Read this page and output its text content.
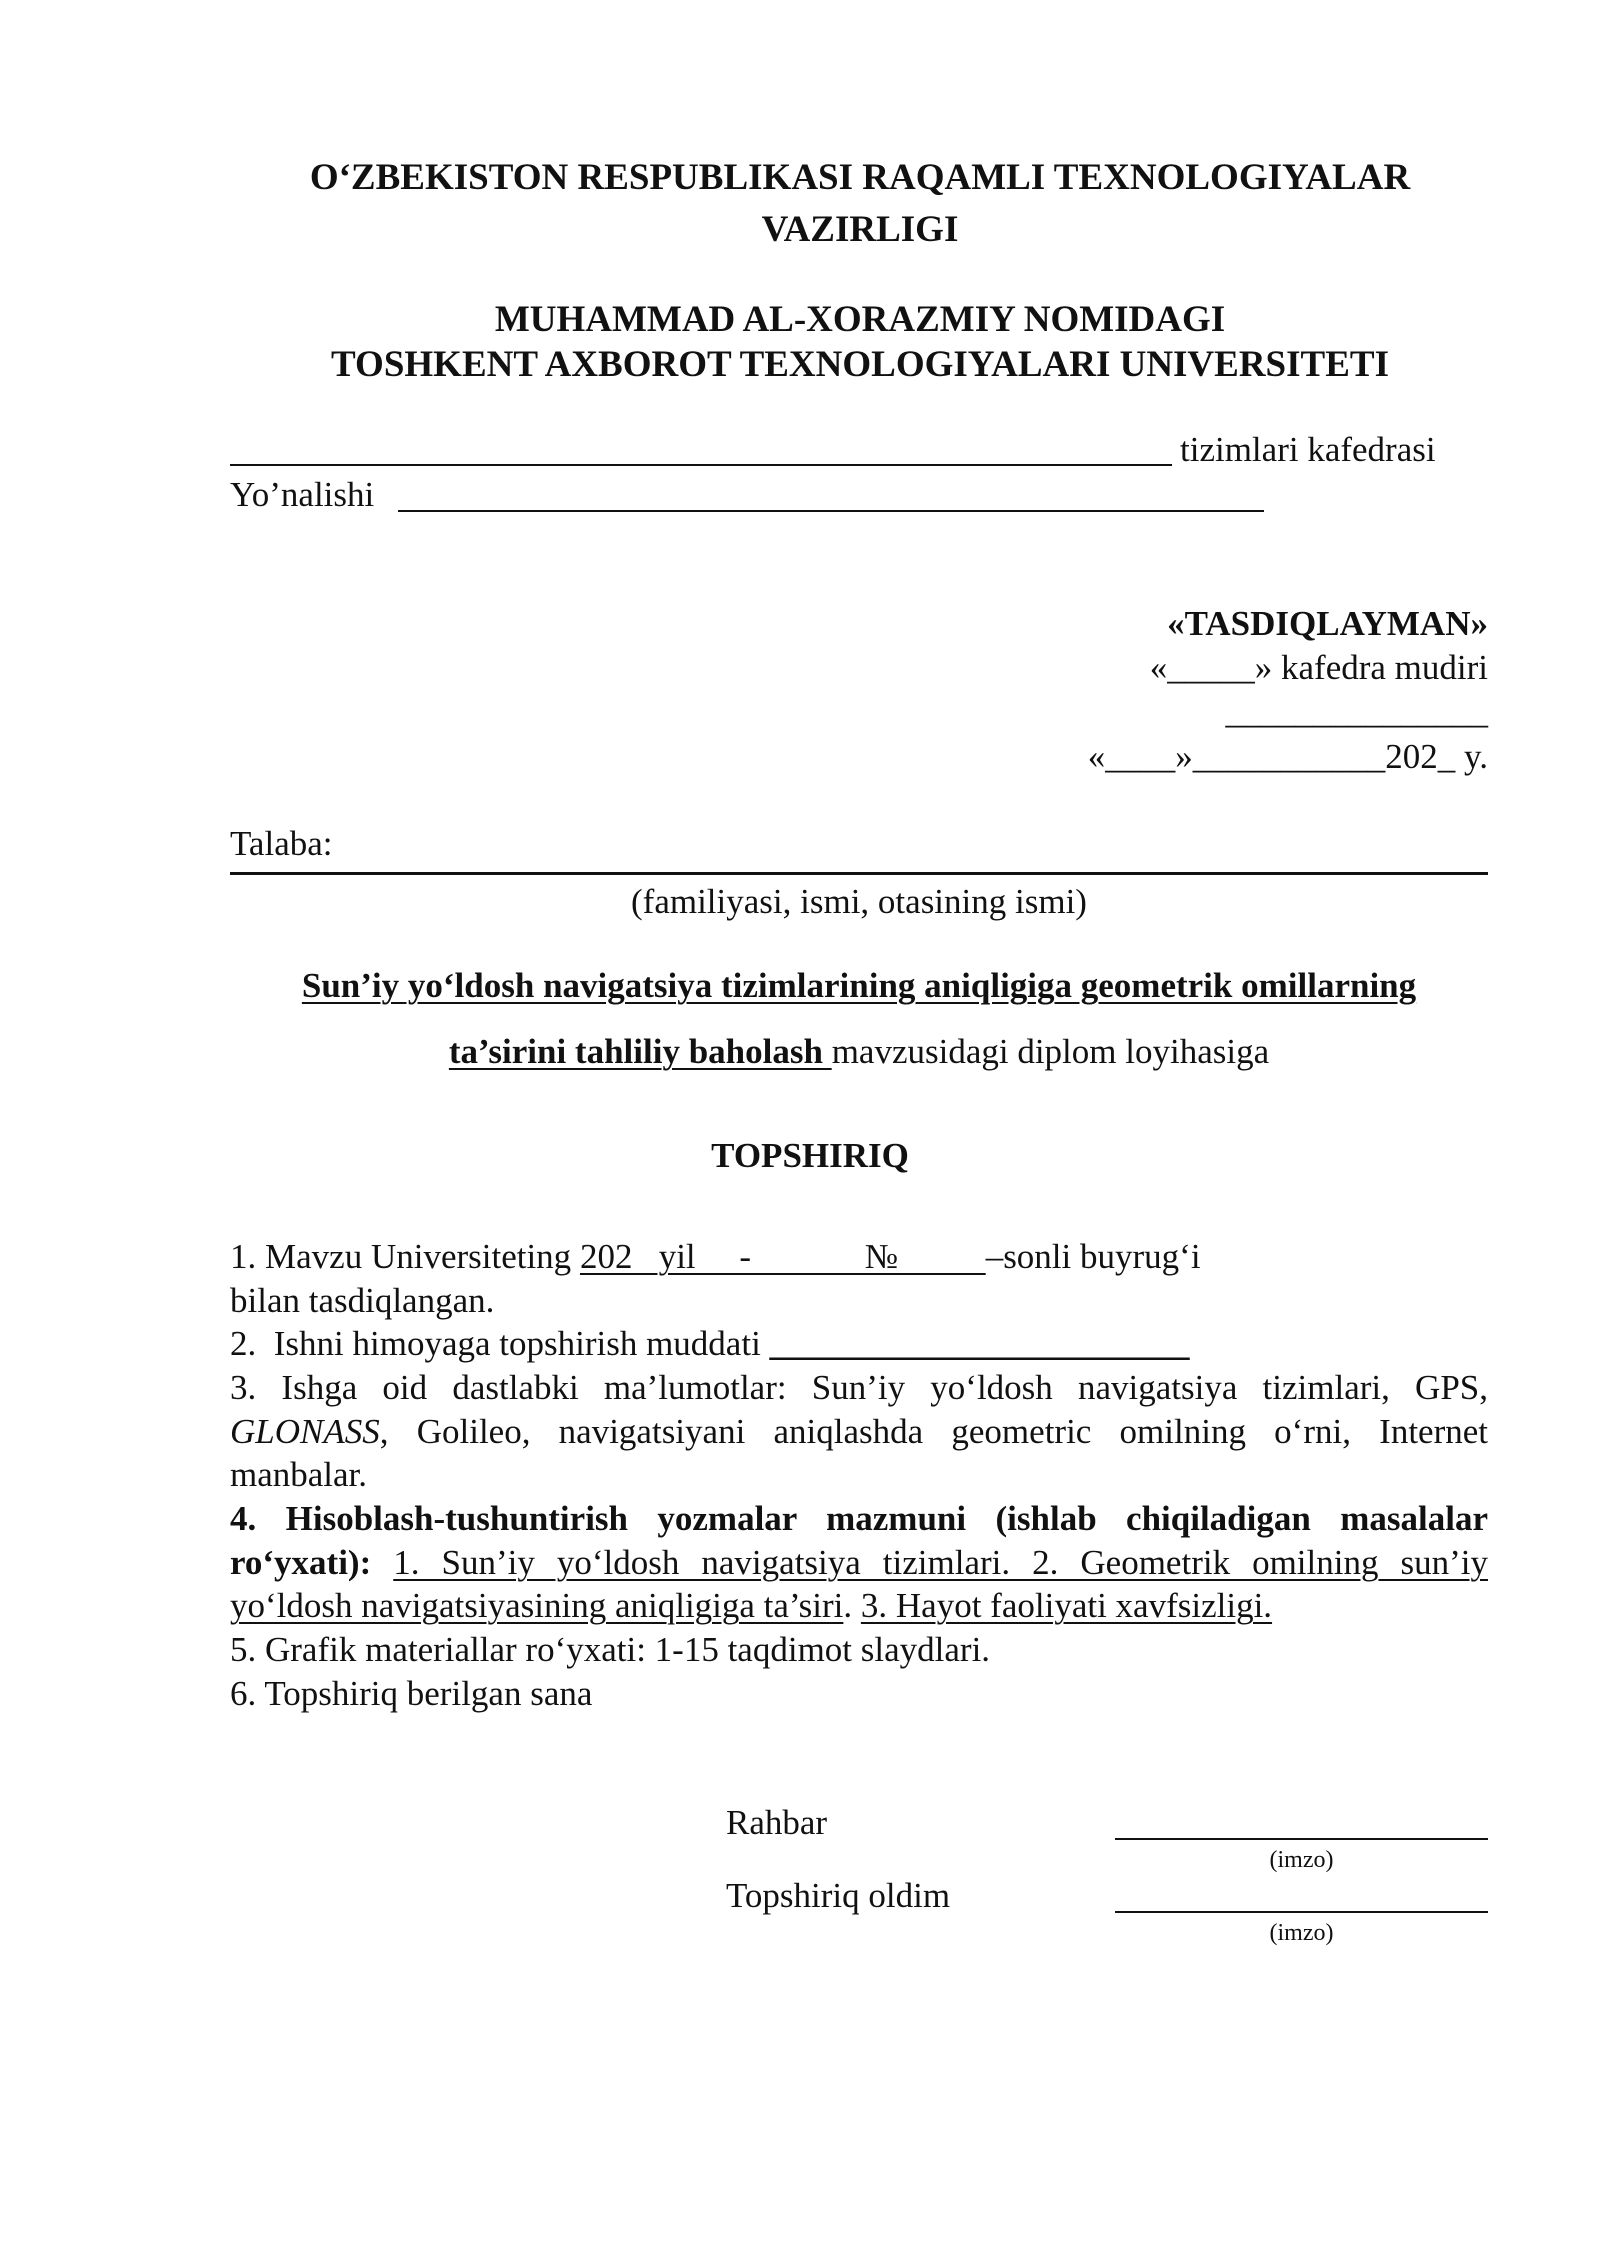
O‘ZBEKISTON RESPUBLIKASI RAQAMLI TEXNOLOGIYALAR
VAZIRLIGI
MUHAMMAD AL-XORAZMIY NOMIDAGI
TOSHKENT AXBOROT TEXNOLOGIYALARI UNIVERSITETI
tizimlari kafedrasi
Yo’nalishi
«TASDIQLAYMAN»
«_____» kafedra mudiri
_______________
«____»___________202_ y.
Talaba:
(familiyasi, ismi, otasining ismi)
Sun’iy yo‘ldosh navigatsiya tizimlarining aniqligiga geometrik omillarning
ta’sirini tahliliy baholash mavzusidagi diplom loyihasiga
TOPSHIRIQ
1. Mavzu Universiteting 202   yil     -             №          –sonli buyrug‘i
bilan tasdiqlangan.
2.  Ishni himoyaga topshirish muddati ________________________
3. Ishga oid dastlabki ma’lumotlar: Sun’iy yo‘ldosh navigatsiya tizimlari, GPS,
GLONASS, Golileo, navigatsiyani aniqlashda geometric omilning o‘rni, Internet
manbalar.
4. Hisoblash-tushuntirish yozmalar mazmuni (ishlab chiqiladigan masalalar
ro‘yxati): 1. Sun’iy yo‘ldosh navigatsiya tizimlari. 2. Geometrik omilning sun’iy
yo‘ldosh navigatsiyasining aniqligiga ta’siri. 3. Hayot faoliyati xavfsizligi.
5. Grafik materiallar ro‘yxati: 1-15 taqdimot slaydlari.
6. Topshiriq berilgan sana
Rahbar
(imzo)
Topshiriq oldim
(imzo)
